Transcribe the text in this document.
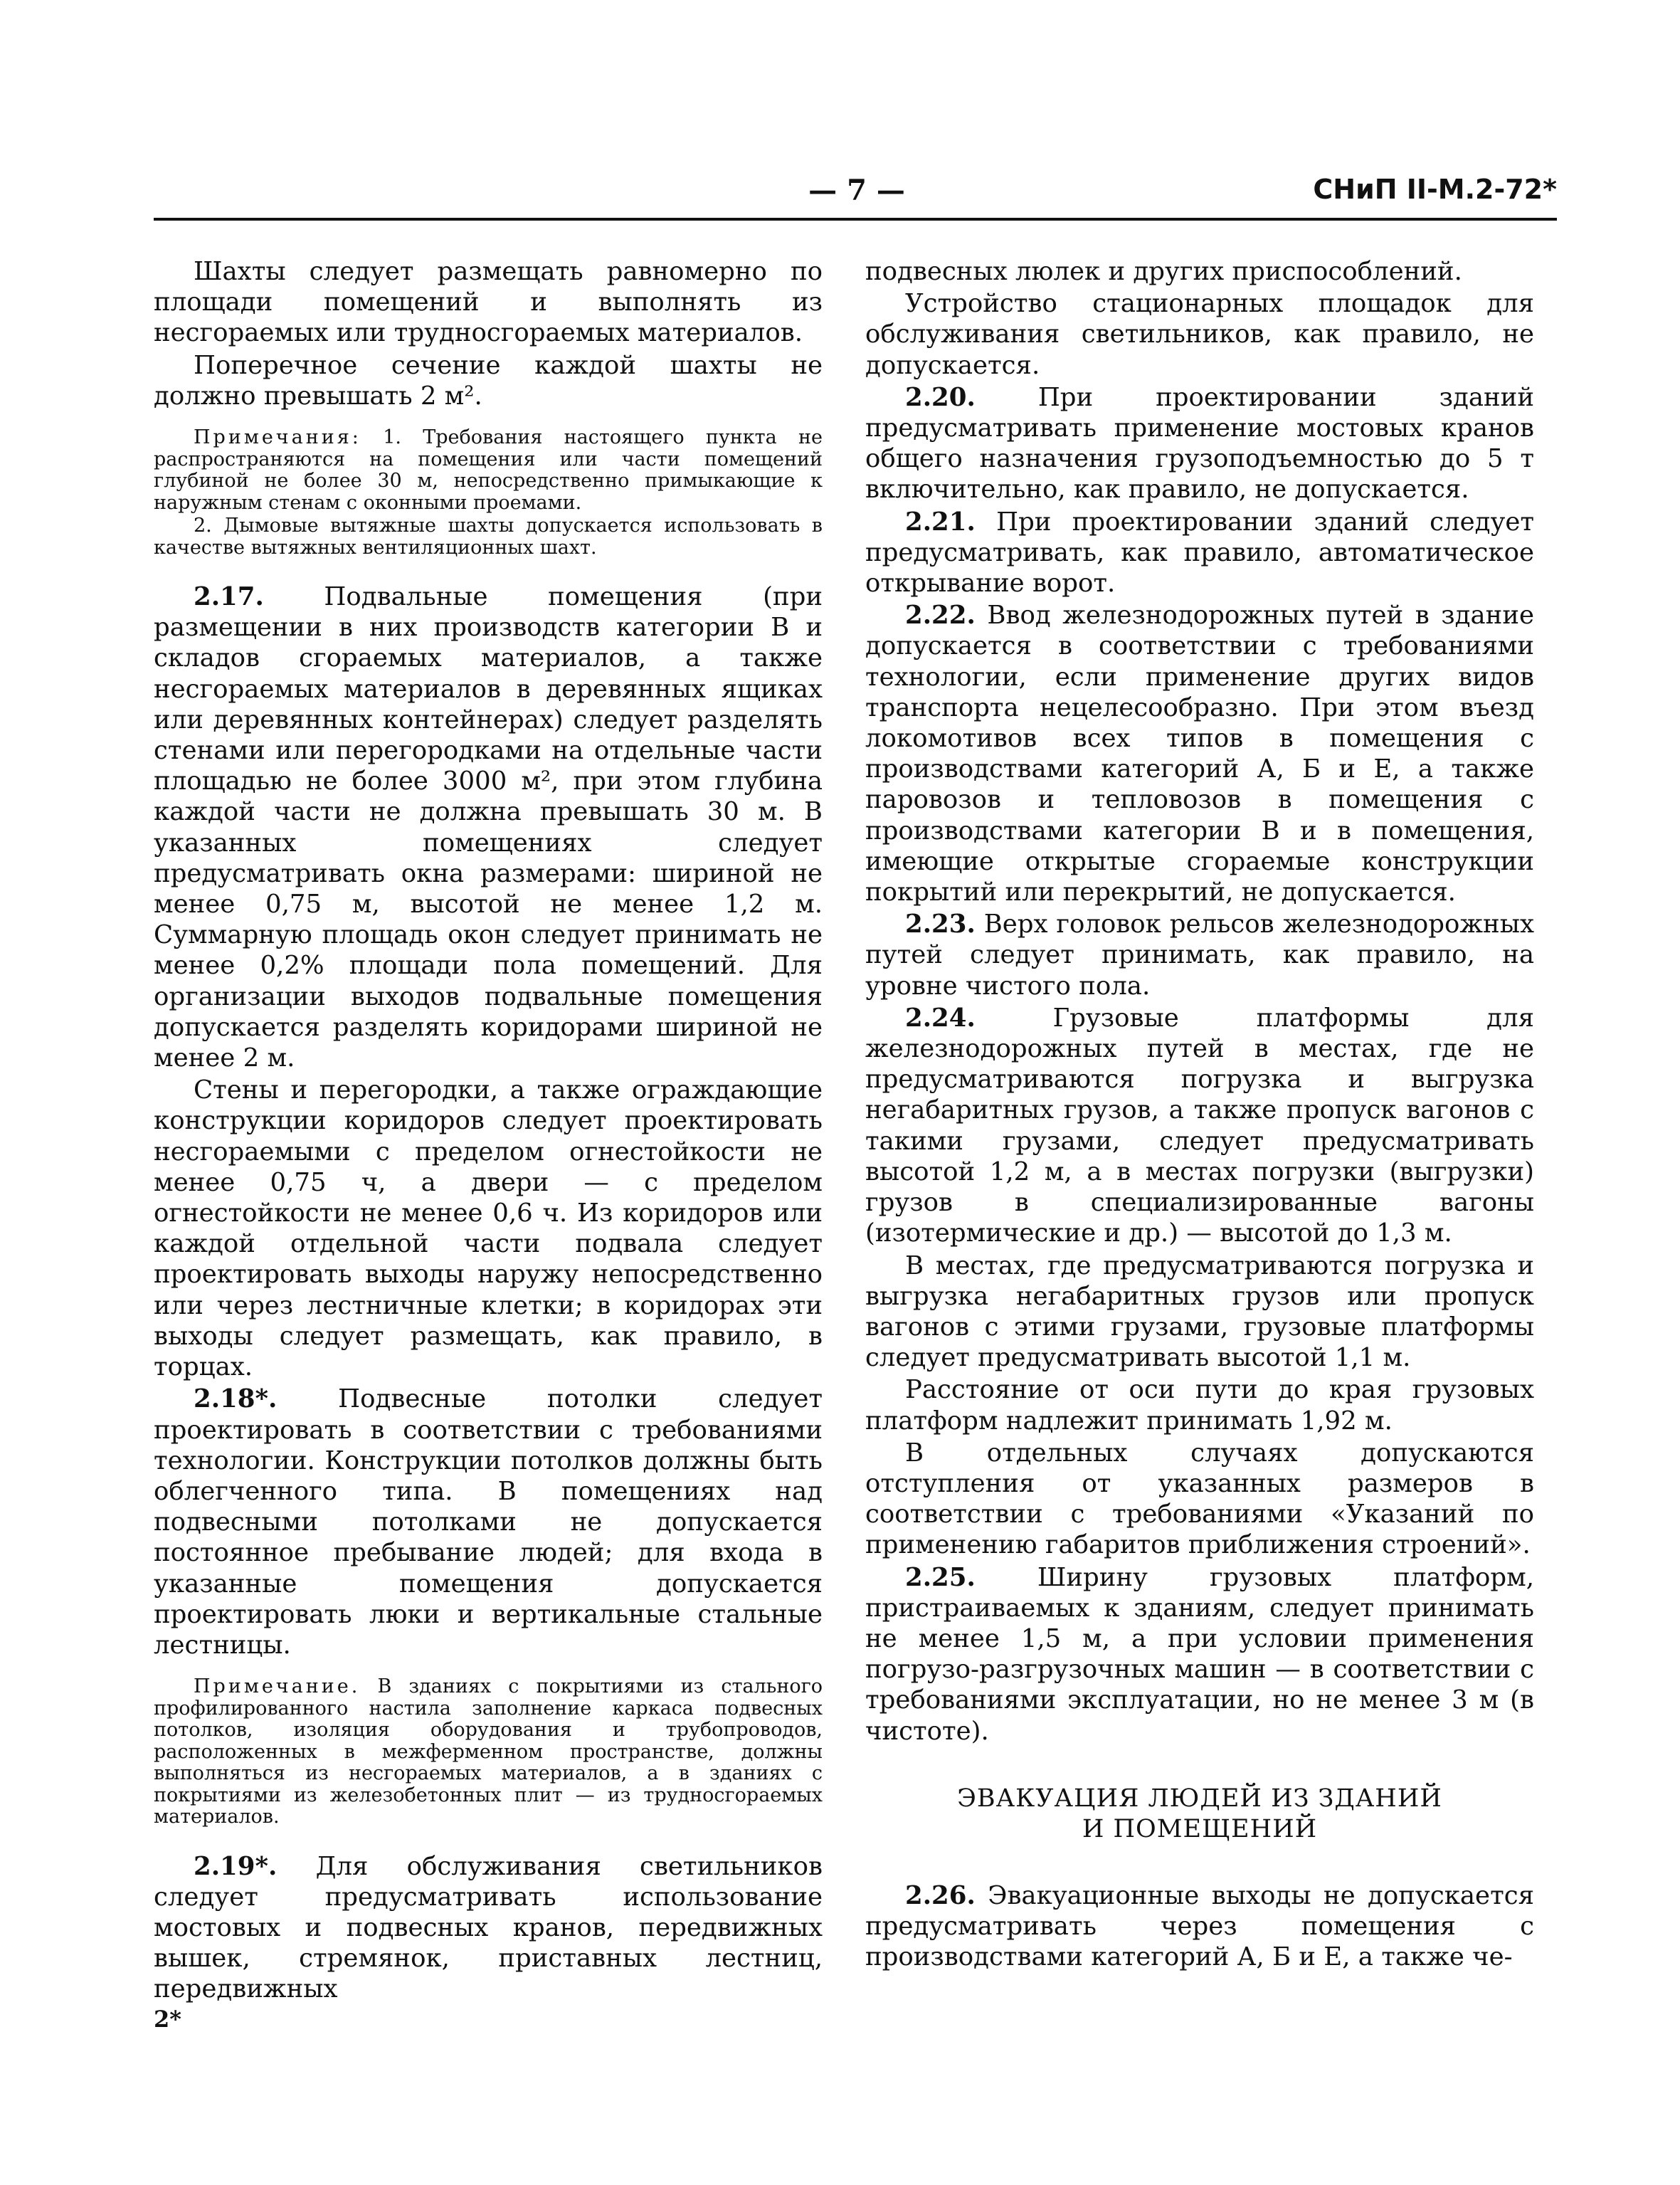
— 7 —	СНиП II-М.2-72*

Шахты следует размещать равномерно по площади помещений и выполнять из несгораемых или трудносгораемых материалов.

Поперечное сечение каждой шахты не должно превышать 2 м².

Примечания: 1. Требования настоящего пункта не распространяются на помещения или части помещений глубиной не более 30 м, непосредственно примыкающие к наружным стенам с оконными проемами.

2. Дымовые вытяжные шахты допускается использовать в качестве вытяжных вентиляционных шахт.

2.17. Подвальные помещения (при размещении в них производств категории В и складов сгораемых материалов, а также несгораемых материалов в деревянных ящиках или деревянных контейнерах) следует разделять стенами или перегородками на отдельные части площадью не более 3000 м², при этом глубина каждой части не должна превышать 30 м. В указанных помещениях следует предусматривать окна размерами: шириной не менее 0,75 м, высотой не менее 1,2 м. Суммарную площадь окон следует принимать не менее 0,2% площади пола помещений. Для организации выходов подвальные помещения допускается разделять коридорами шириной не менее 2 м.

Стены и перегородки, а также ограждающие конструкции коридоров следует проектировать несгораемыми с пределом огнестойкости не менее 0,75 ч, а двери — с пределом огнестойкости не менее 0,6 ч. Из коридоров или каждой отдельной части подвала следует проектировать выходы наружу непосредственно или через лестничные клетки; в коридорах эти выходы следует размещать, как правило, в торцах.

2.18*. Подвесные потолки следует проектировать в соответствии с требованиями технологии. Конструкции потолков должны быть облегченного типа. В помещениях над подвесными потолками не допускается постоянное пребывание людей; для входа в указанные помещения допускается проектировать люки и вертикальные стальные лестницы.

Примечание. В зданиях с покрытиями из стального профилированного настила заполнение каркаса подвесных потолков, изоляция оборудования и трубопроводов, расположенных в межферменном пространстве, должны выполняться из несгораемых материалов, а в зданиях с покрытиями из железобетонных плит — из трудносгораемых материалов.

2.19*. Для обслуживания светильников следует предусматривать использование мостовых и подвесных кранов, передвижных вышек, стремянок, приставных лестниц, передвижных

2*

подвесных люлек и других приспособлений.

Устройство стационарных площадок для обслуживания светильников, как правило, не допускается.

2.20. При проектировании зданий предусматривать применение мостовых кранов общего назначения грузоподъемностью до 5 т включительно, как правило, не допускается.

2.21. При проектировании зданий следует предусматривать, как правило, автоматическое открывание ворот.

2.22. Ввод железнодорожных путей в здание допускается в соответствии с требованиями технологии, если применение других видов транспорта нецелесообразно. При этом въезд локомотивов всех типов в помещения с производствами категорий А, Б и Е, а также паровозов и тепловозов в помещения с производствами категории В и в помещения, имеющие открытые сгораемые конструкции покрытий или перекрытий, не допускается.

2.23. Верх головок рельсов железнодорожных путей следует принимать, как правило, на уровне чистого пола.

2.24.	Грузовые платформы для железнодорожных путей в местах, где не предусматриваются погрузка и выгрузка негабаритных грузов, а также пропуск вагонов с такими грузами, следует предусматривать высотой 1,2 м, а в местах погрузки (выгрузки) грузов в специализированные вагоны (изотермические и др.) — высотой до 1,3 м.

В местах, где предусматриваются погрузка и выгрузка негабаритных грузов или пропуск вагонов с этими грузами, грузовые платформы следует предусматривать высотой 1,1 м.

Расстояние от оси пути до края грузовых платформ надлежит принимать 1,92 м.

В отдельных случаях допускаются отступления от указанных размеров в соответствии с требованиями «Указаний по применению габаритов приближения строений».

2.25. Ширину грузовых платформ, пристраиваемых к зданиям, следует принимать не менее 1,5 м, а при условии применения погрузо-разгрузочных машин — в соответствии с требованиями эксплуатации, но не менее 3 м (в чистоте).

ЭВАКУАЦИЯ ЛЮДЕЙ ИЗ ЗДАНИЙ

И ПОМЕЩЕНИЙ

2.26. Эвакуационные выходы не допускается предусматривать через помещения с производствами категорий А, Б и Е, а также че-
